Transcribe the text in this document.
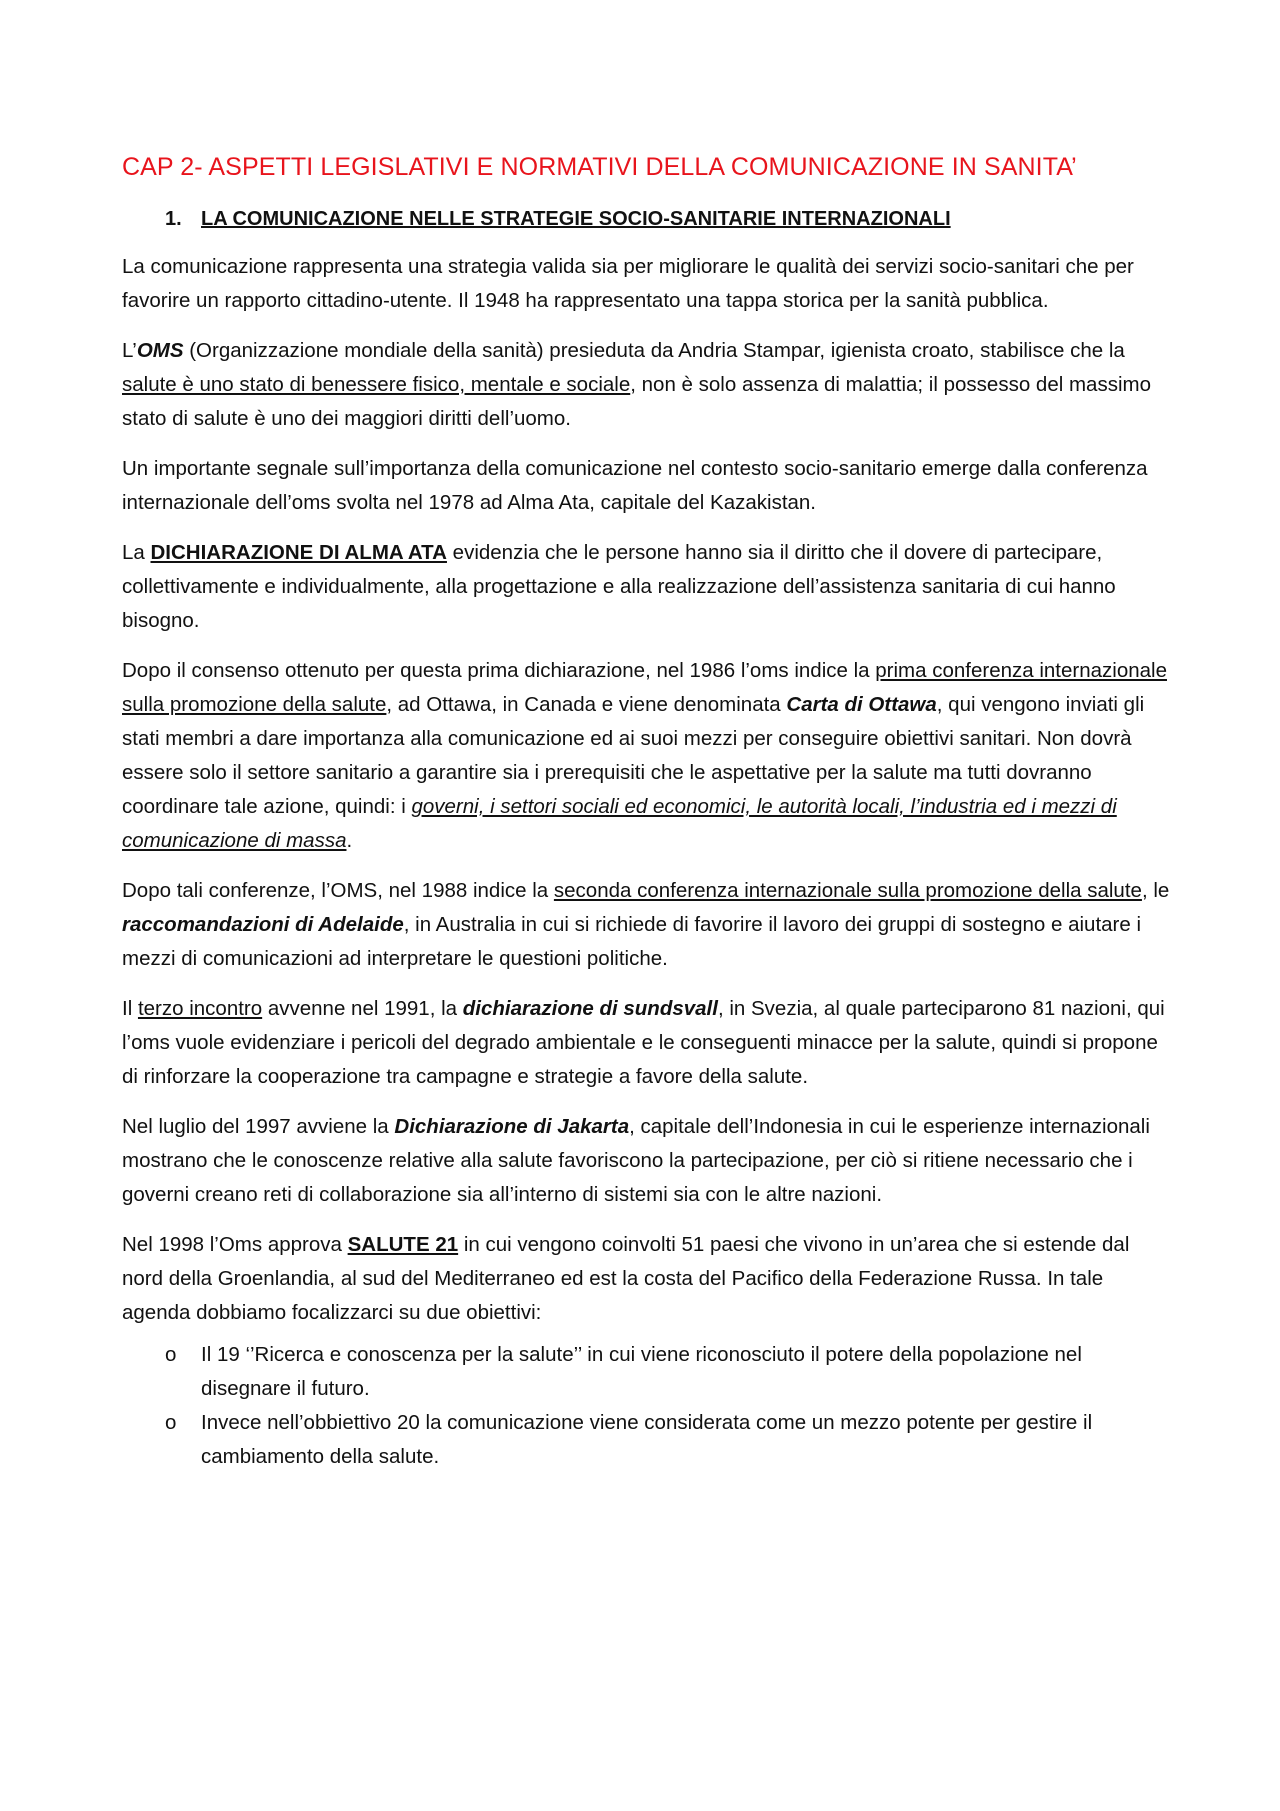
CAP 2- ASPETTI LEGISLATIVI E NORMATIVI DELLA COMUNICAZIONE IN SANITA’
1. LA COMUNICAZIONE NELLE STRATEGIE SOCIO-SANITARIE INTERNAZIONALI

La comunicazione rappresenta una strategia valida sia per migliorare le qualità dei servizi socio-sanitari che per favorire un rapporto cittadino-utente. Il 1948 ha rappresentato una tappa storica per la sanità pubblica.

L’OMS (Organizzazione mondiale della sanità) presieduta da Andria Stampar, igienista croato, stabilisce che la salute è uno stato di benessere fisico, mentale e sociale, non è solo assenza di malattia; il possesso del massimo stato di salute è uno dei maggiori diritti dell’uomo.

Un importante segnale sull’importanza della comunicazione nel contesto socio-sanitario emerge dalla conferenza internazionale dell’oms svolta nel 1978 ad Alma Ata, capitale del Kazakistan.

La DICHIARAZIONE DI ALMA ATA evidenzia che le persone hanno sia il diritto che il dovere di partecipare, collettivamente e individualmente, alla progettazione e alla realizzazione dell’assistenza sanitaria di cui hanno bisogno.

Dopo il consenso ottenuto per questa prima dichiarazione, nel 1986 l’oms indice la prima conferenza internazionale sulla promozione della salute, ad Ottawa, in Canada e viene denominata Carta di Ottawa, qui vengono inviati gli stati membri a dare importanza alla comunicazione ed ai suoi mezzi per conseguire obiettivi sanitari. Non dovrà essere solo il settore sanitario a garantire sia i prerequisiti che le aspettative per la salute ma tutti dovranno coordinare tale azione, quindi: i governi, i settori sociali ed economici, le autorità locali, l’industria ed i mezzi di comunicazione di massa.

Dopo tali conferenze, l’OMS, nel 1988 indice la seconda conferenza internazionale sulla promozione della salute, le raccomandazioni di Adelaide, in Australia in cui si richiede di favorire il lavoro dei gruppi di sostegno e aiutare i mezzi di comunicazioni ad interpretare le questioni politiche.

Il terzo incontro avvenne nel 1991, la dichiarazione di sundsvall, in Svezia, al quale parteciparono 81 nazioni, qui l’oms vuole evidenziare i pericoli del degrado ambientale e le conseguenti minacce per la salute, quindi si propone di rinforzare la cooperazione tra campagne e strategie a favore della salute.

Nel luglio del 1997 avviene la Dichiarazione di Jakarta, capitale dell’Indonesia in cui le esperienze internazionali mostrano che le conoscenze relative alla salute favoriscono la partecipazione, per ciò si ritiene necessario che i governi creano reti di collaborazione sia all’interno di sistemi sia con le altre nazioni.

Nel 1998 l’Oms approva SALUTE 21 in cui vengono coinvolti 51 paesi che vivono in un’area che si estende dal nord della Groenlandia, al sud del Mediterraneo ed est la costa del Pacifico della Federazione Russa. In tale agenda dobbiamo focalizzarci su due obiettivi:

o Il 19 ‘’Ricerca e conoscenza per la salute’’ in cui viene riconosciuto il potere della popolazione nel disegnare il futuro.
o Invece nell’obbiettivo 20 la comunicazione viene considerata come un mezzo potente per gestire il cambiamento della salute.
